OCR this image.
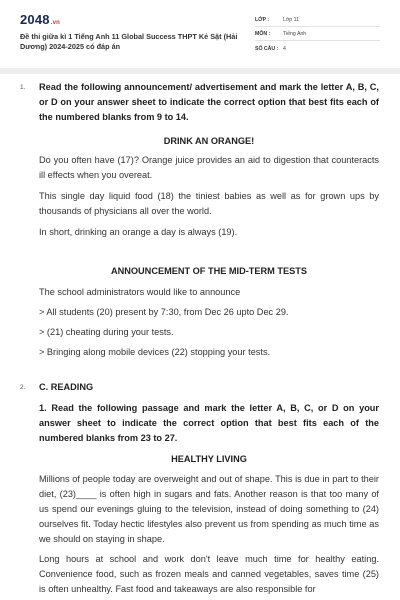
2048.vn
Đề thi giữa kì 1 Tiếng Anh 11 Global Success THPT Kẻ Sặt (Hải Dương) 2024-2025 có đáp án
LỚP :	Lớp 11
MÔN :	Tiếng Anh
SỐ CÂU : 4
1. Read the following announcement/ advertisement and mark the letter A, B, C, or D on your answer sheet to indicate the correct option that best fits each of the numbered blanks from 9 to 14.
DRINK AN ORANGE!
Do you often have (17)? Orange juice provides an aid to digestion that counteracts ill effects when you overeat.
This single day liquid food (18) the tiniest babies as well as for grown ups by thousands of physicians all over the world.
In short, drinking an orange a day is always (19).
ANNOUNCEMENT OF THE MID-TERM TESTS
The school administrators would like to announce
> All students (20) present by 7:30, from Dec 26 upto Dec 29.
> (21) cheating during your tests.
> Bringing along mobile devices (22) stopping your tests.
2. C. READING
1. Read the following passage and mark the letter A, B, C, or D on your answer sheet to indicate the correct option that best fits each of the numbered blanks from 23 to 27.
HEALTHY LIVING
Millions of people today are overweight and out of shape. This is due in part to their diet, (23)____ is often high in sugars and fats. Another reason is that too many of us spend our evenings gluing to the television, instead of doing something to (24) ourselves fit. Today hectic lifestyles also prevent us from spending as much time as we should on staying in shape.
Long hours at school and work don't leave much time for healthy eating. Convenience food, such as frozen meals and canned vegetables, saves time (25) is often unhealthy. Fast food and takeaways are also responsible for
